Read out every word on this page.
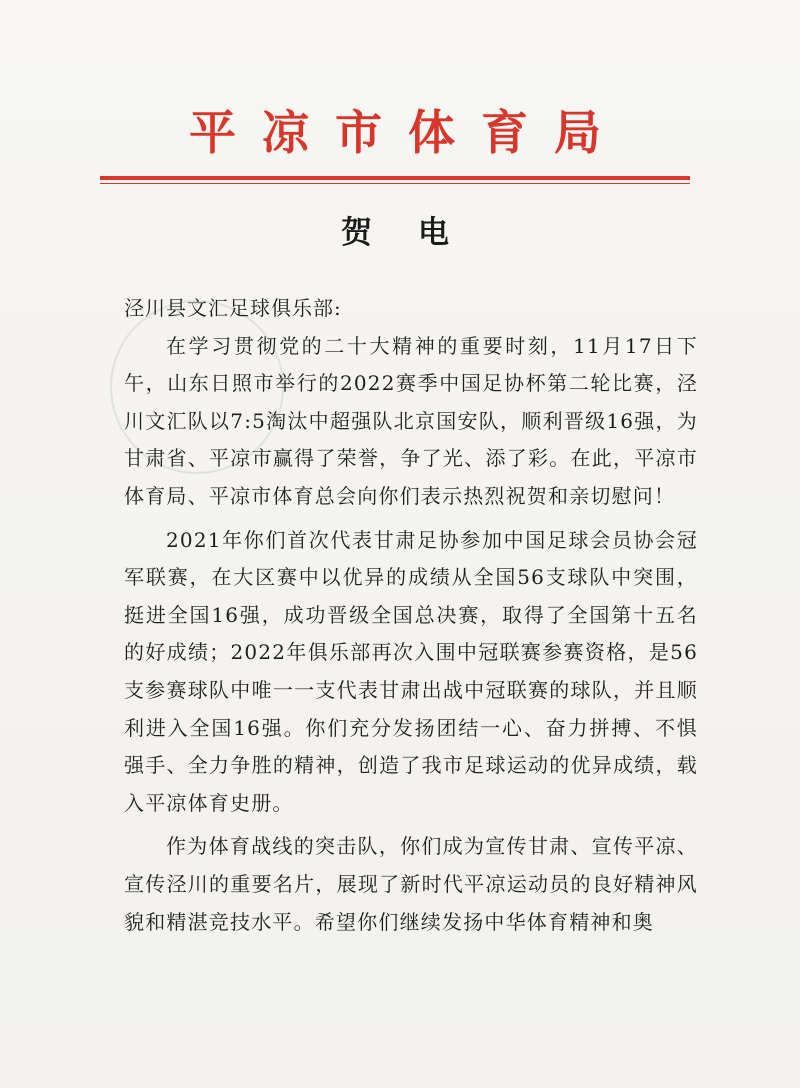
平凉市体育局
贺电

泾川县文汇足球俱乐部:

在学习贯彻党的二十大精神的重要时刻，11月17日下午，山东日照市举行的2022赛季中国足协杯第二轮比赛，泾川文汇队以7:5淘汰中超强队北京国安队，顺利晋级16强，为甘肃省、平凉市赢得了荣誉，争了光、添了彩。在此，平凉市体育局、平凉市体育总会向你们表示热烈祝贺和亲切慰问！

2021年你们首次代表甘肃足协参加中国足球会员协会冠军联赛，在大区赛中以优异的成绩从全国56支球队中突围，挺进全国16强，成功晋级全国总决赛，取得了全国第十五名的好成绩；2022年俱乐部再次入围中冠联赛参赛资格，是56支参赛球队中唯一一支代表甘肃出战中冠联赛的球队，并且顺利进入全国16强。你们充分发扬团结一心、奋力拼搏、不惧强手、全力争胜的精神，创造了我市足球运动的优异成绩，载入平凉体育史册。

作为体育战线的突击队，你们成为宣传甘肃、宣传平凉、宣传泾川的重要名片，展现了新时代平凉运动员的良好精神风貌和精湛竞技水平。希望你们继续发扬中华体育精神和奥
